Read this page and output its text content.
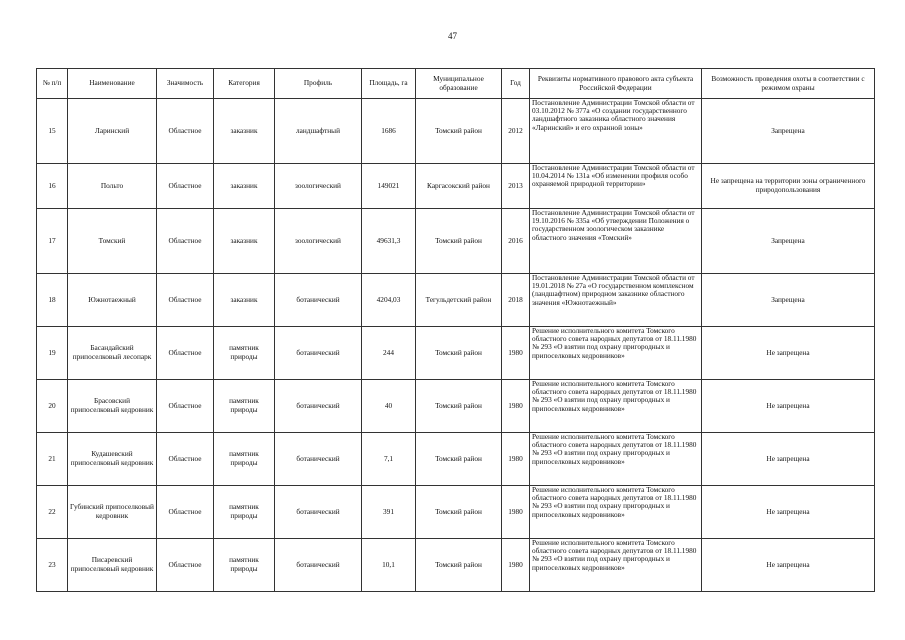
47
№ п/п	Наименование	Значимость	Категория	Профиль	Площадь, га	Муниципальное образование	Год	Реквизиты нормативного правового акта субъекта Российской Федерации	Возможность проведения охоты в соответствии с режимом охраны
15	Ларинский	Областное	заказник	ландшафтный	1686	Томский район	2012	Постановление Администрации Томской области от 03.10.2012 № 377а «О создании государственного ландшафтного заказника областного значения «Ларинский» и его охранной зоны»	Запрещена
16	Польто	Областное	заказник	зоологический	149021	Каргасокский район	2013	Постановление Администрации Томской области от 10.04.2014 № 131а «Об изменении профиля особо охраняемой природной территории»	Не запрещена на территории зоны ограниченного природопользования
17	Томский	Областное	заказник	зоологический	49631,3	Томский район	2016	Постановление Администрации Томской области от 19.10.2016 № 335а «Об утверждении Положения о государственном зоологическом заказнике областного значения «Томский»	Запрещена
18	Южнотаежный	Областное	заказник	ботанический	4204,03	Тегульдетский район	2018	Постановление Администрации Томской области от 19.01.2018 № 27а «О государственном комплексном (ландшафтном) природном заказнике областного значения «Южнотаежный»	Запрещена
19	Басандайский припоселковый лесопарк	Областное	памятник природы	ботанический	244	Томский район	1980	Решение исполнительного комитета Томского областного совета народных депутатов от 18.11.1980 № 293 «О взятии под охрану пригородных и припоселковых кедровников»	Не запрещена
20	Брасовский припоселковый кедровник	Областное	памятник природы	ботанический	40	Томский район	1980	Решение исполнительного комитета Томского областного совета народных депутатов от 18.11.1980 № 293 «О взятии под охрану пригородных и припоселковых кедровников»	Не запрещена
21	Кудашевский припоселковый кедровник	Областное	памятник природы	ботанический	7,1	Томский район	1980	Решение исполнительного комитета Томского областного совета народных депутатов от 18.11.1980 № 293 «О взятии под охрану пригородных и припоселковых кедровников»	Не запрещена
22	Губинский припоселковый кедровник	Областное	памятник природы	ботанический	391	Томский район	1980	Решение исполнительного комитета Томского областного совета народных депутатов от 18.11.1980 № 293 «О взятии под охрану пригородных и припоселковых кедровников»	Не запрещена
23	Писаревский припоселковый кедровник	Областное	памятник природы	ботанический	10,1	Томский район	1980	Решение исполнительного комитета Томского областного совета народных депутатов от 18.11.1980 № 293 «О взятии под охрану пригородных и припоселковых кедровников»	Не запрещена
